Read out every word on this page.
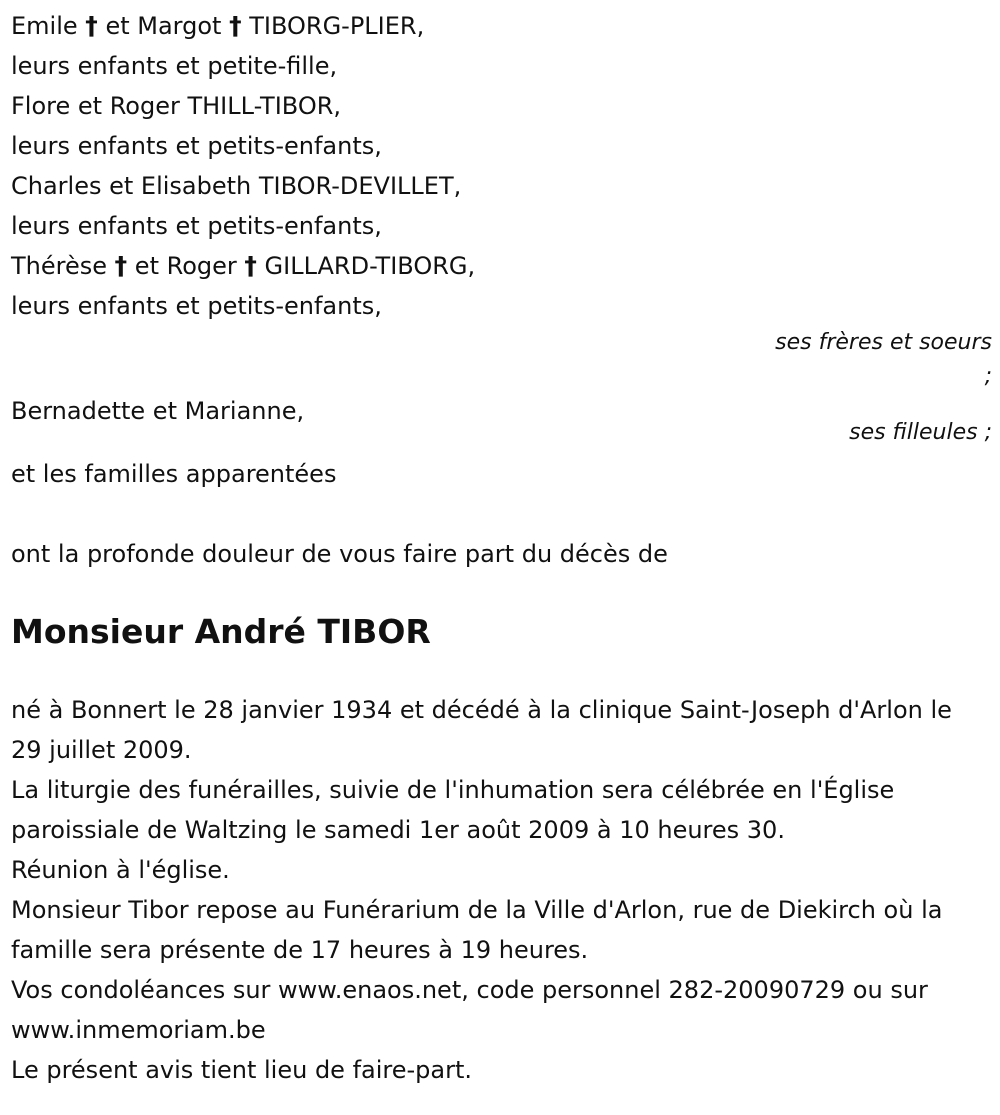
Emile † et Margot † TIBORG-PLIER,
leurs enfants et petite-fille,
Flore et Roger THILL-TIBOR,
leurs enfants et petits-enfants,
Charles et Elisabeth TIBOR-DEVILLET,
leurs enfants et petits-enfants,
Thérèse † et Roger † GILLARD-TIBORG,
leurs enfants et petits-enfants,
ses frères et soeurs
;
Bernadette et Marianne,
ses filleules ;
et les familles apparentées
ont la profonde douleur de vous faire part du décès de
Monsieur André TIBOR
né à Bonnert le 28 janvier 1934 et décédé à la clinique Saint-Joseph d'Arlon le 29 juillet 2009.
La liturgie des funérailles, suivie de l'inhumation sera célébrée en l'Église paroissiale de Waltzing le samedi 1er août 2009 à 10 heures 30.
Réunion à l'église.
Monsieur Tibor repose au Funérarium de la Ville d'Arlon, rue de Diekirch où la famille sera présente de 17 heures à 19 heures.
Vos condoléances sur www.enaos.net, code personnel 282-20090729 ou sur www.inmemoriam.be
Le présent avis tient lieu de faire-part.
